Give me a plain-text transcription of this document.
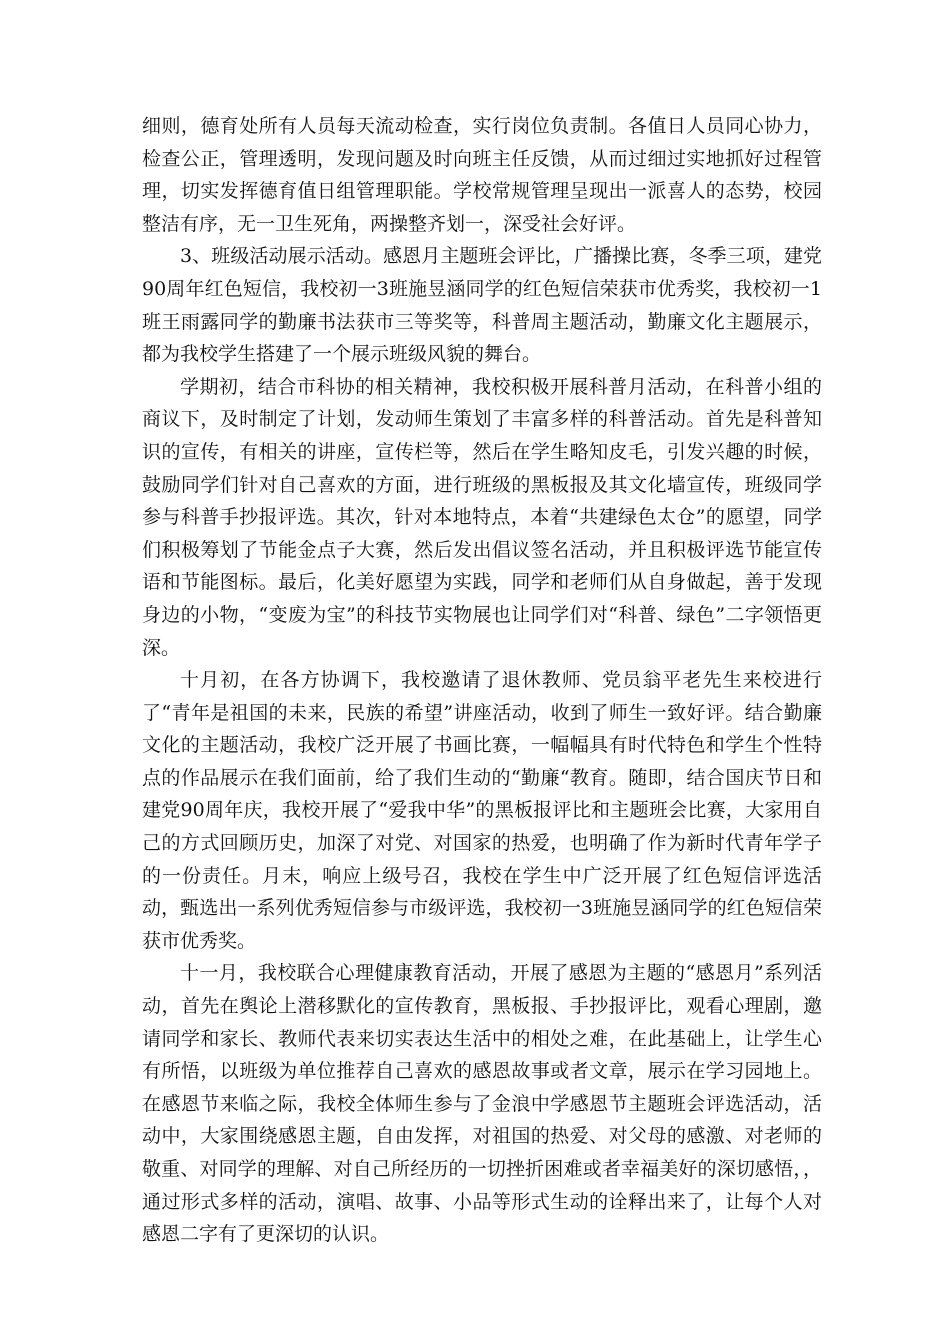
细则，德育处所有人员每天流动检查，实行岗位负责制。各值日人员同心协力，检查公正，管理透明，发现问题及时向班主任反馈，从而过细过实地抓好过程管理，切实发挥德育值日组管理职能。学校常规管理呈现出一派喜人的态势，校园整洁有序，无一卫生死角，两操整齐划一，深受社会好评。

3、班级活动展示活动。感恩月主题班会评比，广播操比赛，冬季三项，建党90周年红色短信，我校初一3班施昱涵同学的红色短信荣获市优秀奖，我校初一1班王雨露同学的勤廉书法获市三等奖等，科普周主题活动，勤廉文化主题展示，都为我校学生搭建了一个展示班级风貌的舞台。

学期初，结合市科协的相关精神，我校积极开展科普月活动，在科普小组的商议下，及时制定了计划，发动师生策划了丰富多样的科普活动。首先是科普知识的宣传，有相关的讲座，宣传栏等，然后在学生略知皮毛，引发兴趣的时候，鼓励同学们针对自己喜欢的方面，进行班级的黑板报及其文化墙宣传，班级同学参与科普手抄报评选。其次，针对本地特点，本着“共建绿色太仓”的愿望，同学们积极筹划了节能金点子大赛，然后发出倡议签名活动，并且积极评选节能宣传语和节能图标。最后，化美好愿望为实践，同学和老师们从自身做起，善于发现身边的小物，“变废为宝”的科技节实物展也让同学们对“科普、绿色”二字领悟更深。

十月初，在各方协调下，我校邀请了退休教师、党员翁平老先生来校进行了“青年是祖国的未来，民族的希望”讲座活动，收到了师生一致好评。结合勤廉文化的主题活动，我校广泛开展了书画比赛，一幅幅具有时代特色和学生个性特点的作品展示在我们面前，给了我们生动的“勤廉“教育。随即，结合国庆节日和建党90周年庆，我校开展了“爱我中华”的黑板报评比和主题班会比赛，大家用自己的方式回顾历史，加深了对党、对国家的热爱，也明确了作为新时代青年学子的一份责任。月末，响应上级号召，我校在学生中广泛开展了红色短信评选活动，甄选出一系列优秀短信参与市级评选，我校初一3班施昱涵同学的红色短信荣获市优秀奖。

十一月，我校联合心理健康教育活动，开展了感恩为主题的“感恩月”系列活动，首先在舆论上潜移默化的宣传教育，黑板报、手抄报评比，观看心理剧，邀请同学和家长、教师代表来切实表达生活中的相处之难，在此基础上，让学生心有所悟，以班级为单位推荐自己喜欢的感恩故事或者文章，展示在学习园地上。在感恩节来临之际，我校全体师生参与了金浪中学感恩节主题班会评选活动，活动中，大家围绕感恩主题，自由发挥，对祖国的热爱、对父母的感激、对老师的敬重、对同学的理解、对自己所经历的一切挫折困难或者幸福美好的深切感悟，，通过形式多样的活动，演唱、故事、小品等形式生动的诠释出来了，让每个人对感恩二字有了更深切的认识。
